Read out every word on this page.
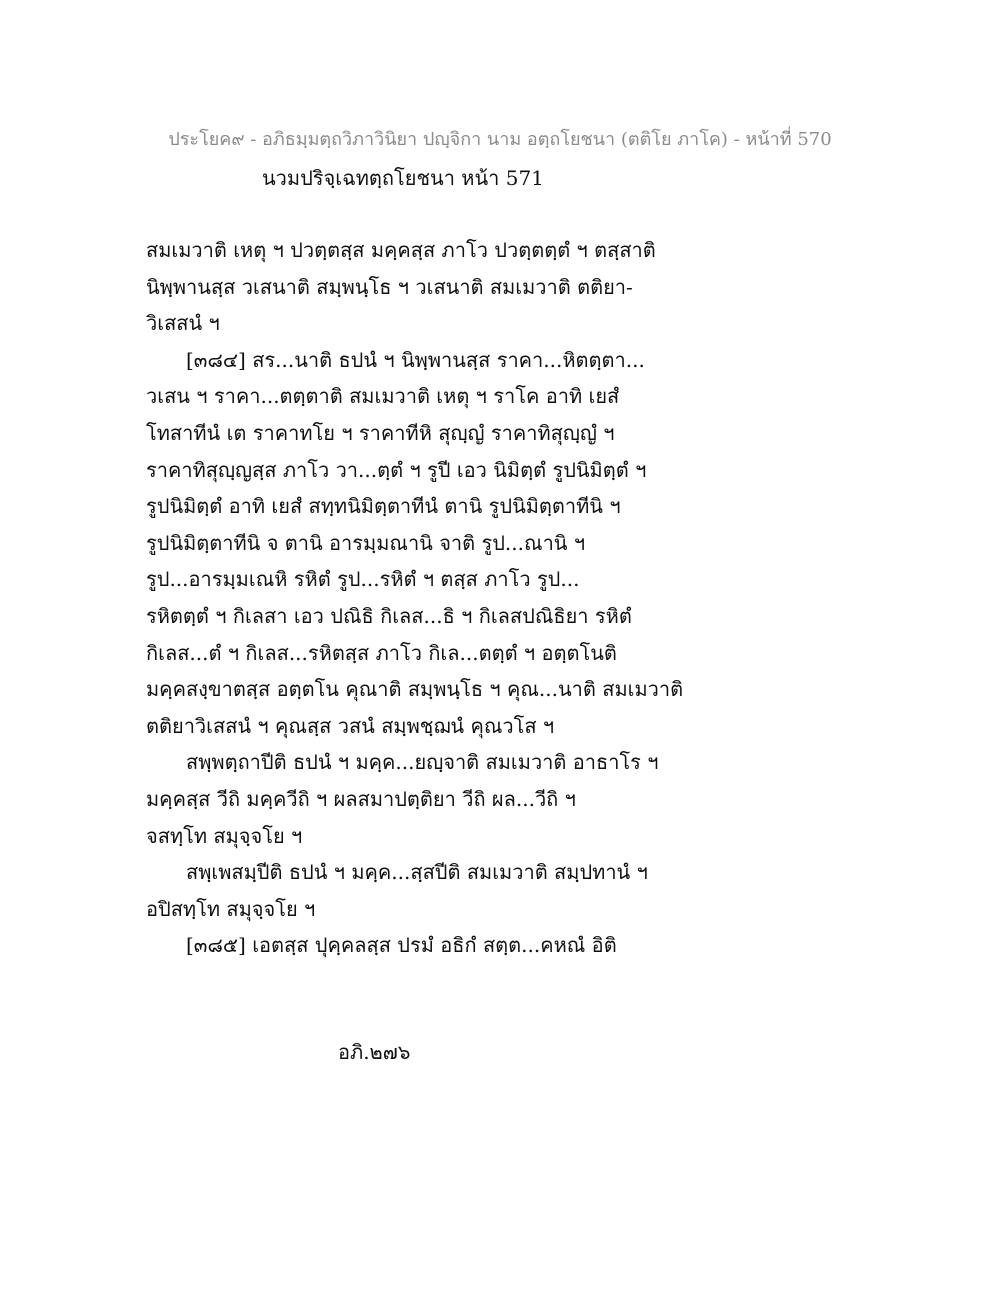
ประโยค๙ - อภิธมฺมตฺถวิภาวินิยา ปญฺจิกา นาม อตฺถโยชนา (ตติโย ภาโค) - หน้าที่ 570
นวมปริจฺเฉทตฺถโยชนา หน้า 571
สมเมวาติ เหตุ ฯ ปวตฺตสฺส มคฺคสฺส ภาโว ปวตฺตตฺตํ ฯ ตสฺสาติ
นิพฺพานสฺส วเสนาติ สมฺพนฺโธ ฯ วเสนาติ สมเมวาติ ตติยา-
วิเสสนํ ฯ
[๓๘๔] สร...นาติ ธปนํ ฯ นิพฺพานสฺส ราคา...หิตตฺตา...
วเสน ฯ ราคา...ตตฺตาติ สมเมวาติ เหตุ ฯ ราโค อาทิ เยสํ
โทสาทีนํ เต ราคาทโย ฯ ราคาทีหิ สุญฺญํ ราคาทิสุญฺญํ ฯ
ราคาทิสุญฺญสฺส ภาโว วา...ตฺตํ ฯ รูปี เอว นิมิตฺตํ รูปนิมิตฺตํ ฯ
รูปนิมิตฺตํ อาทิ เยสํ สทฺทนิมิตฺตาทีนํ ตานิ รูปนิมิตฺตาทีนิ ฯ
รูปนิมิตฺตาทีนิ จ ตานิ อารมฺมณานิ จาติ รูป...ณานิ ฯ
รูป...อารมฺมเณหิ รหิตํ รูป...รหิตํ ฯ ตสฺส ภาโว รูป...
รหิตตฺตํ ฯ กิเลสา เอว ปณิธิ กิเลส...ธิ ฯ กิเลสปณิธิยา รหิตํ
กิเลส...ตํ ฯ กิเลส...รหิตสฺส ภาโว กิเล...ตตฺตํ ฯ อตฺตโนติ
มคฺคสงฺขาตสฺส อตฺตโน คุณาติ สมฺพนฺโธ ฯ คุณ...นาติ สมเมวาติ
ตติยาวิเสสนํ ฯ คุณสฺส วสนํ สมฺพชฺฌนํ คุณวโส ฯ
สพฺพตฺถาปีติ ธปนํ ฯ มคฺค...ยญฺจาติ สมเมวาติ อาธาโร ฯ
มคฺคสฺส วีถิ มคฺควีถิ ฯ ผลสมาปตฺติยา วีถิ ผล...วีถิ ฯ
จสทฺโท สมุจฺจโย ฯ
สพฺเพสมฺปีติ ธปนํ ฯ มคฺค...สฺสปีติ สมเมวาติ สมฺปทานํ ฯ
อปิสทฺโท สมุจฺจโย ฯ
[๓๘๕] เอตสฺส ปุคฺคลสฺส ปรมํ อธิกํ สตฺต...คหณํ อิติ
อภิ.๒๗๖
